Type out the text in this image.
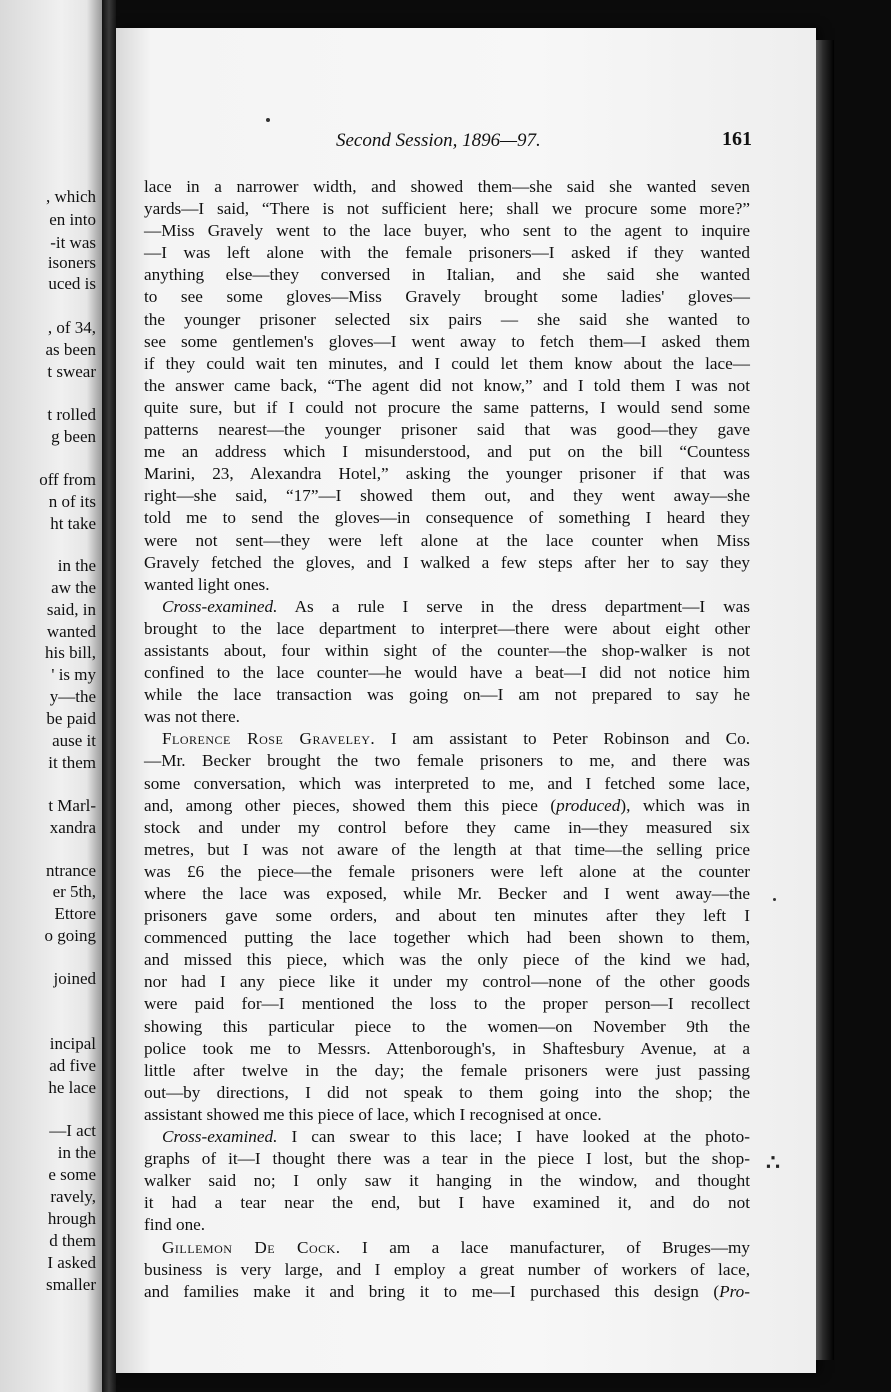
, which
en into
-it was
isoners
uced is
, of 34,
as been
t swear
t rolled
g been
off from
n of its
ht take
in the
aw the
said, in
wanted
his bill,
' is my
y—the
be paid
ause it
it them
t Marl-
xandra
ntrance
er 5th,
Ettore
o going
joined
incipal
ad five
he lace
—I act
in the
e some
ravely,
hrough
d them
I asked
smaller
Second Session, 1896—97.	161
lace in a narrower width, and showed them—she said she wanted seven
yards—I said, “There is not sufficient here; shall we procure some more?”
—Miss Gravely went to the lace buyer, who sent to the agent to inquire
—I was left alone with the female prisoners—I asked if they wanted
anything else—they conversed in Italian, and she said she wanted
to see some gloves—Miss Gravely brought some ladies' gloves—
the younger prisoner selected six pairs — she said she wanted to
see some gentlemen's gloves—I went away to fetch them—I asked them
if they could wait ten minutes, and I could let them know about the lace—
the answer came back, “The agent did not know,” and I told them I was not
quite sure, but if I could not procure the same patterns, I would send some
patterns nearest—the younger prisoner said that was good—they gave
me an address which I misunderstood, and put on the bill “Countess
Marini, 23, Alexandra Hotel,” asking the younger prisoner if that was
right—she said, “17”—I showed them out, and they went away—she
told me to send the gloves—in consequence of something I heard they
were not sent—they were left alone at the lace counter when Miss
Gravely fetched the gloves, and I walked a few steps after her to say they
wanted light ones.
Cross-examined. As a rule I serve in the dress department—I was
brought to the lace department to interpret—there were about eight other
assistants about, four within sight of the counter—the shop-walker is not
confined to the lace counter—he would have a beat—I did not notice him
while the lace transaction was going on—I am not prepared to say he
was not there.
Florence Rose Graveley. I am assistant to Peter Robinson and Co.
—Mr. Becker brought the two female prisoners to me, and there was
some conversation, which was interpreted to me, and I fetched some lace,
and, among other pieces, showed them this piece (produced), which was in
stock and under my control before they came in—they measured six
metres, but I was not aware of the length at that time—the selling price
was £6 the piece—the female prisoners were left alone at the counter
where the lace was exposed, while Mr. Becker and I went away—the
prisoners gave some orders, and about ten minutes after they left I
commenced putting the lace together which had been shown to them,
and missed this piece, which was the only piece of the kind we had,
nor had I any piece like it under my control—none of the other goods
were paid for—I mentioned the loss to the proper person—I recollect
showing this particular piece to the women—on November 9th the
police took me to Messrs. Attenborough's, in Shaftesbury Avenue, at a
little after twelve in the day; the female prisoners were just passing
out—by directions, I did not speak to them going into the shop; the
assistant showed me this piece of lace, which I recognised at once.
Cross-examined. I can swear to this lace; I have looked at the photo-
graphs of it—I thought there was a tear in the piece I lost, but the shop-
walker said no; I only saw it hanging in the window, and thought
it had a tear near the end, but I have examined it, and do not
find one.
Gillemon De Cock. I am a lace manufacturer, of Bruges—my
business is very large, and I employ a great number of workers of lace,
and families make it and bring it to me—I purchased this design (Pro-
∴
